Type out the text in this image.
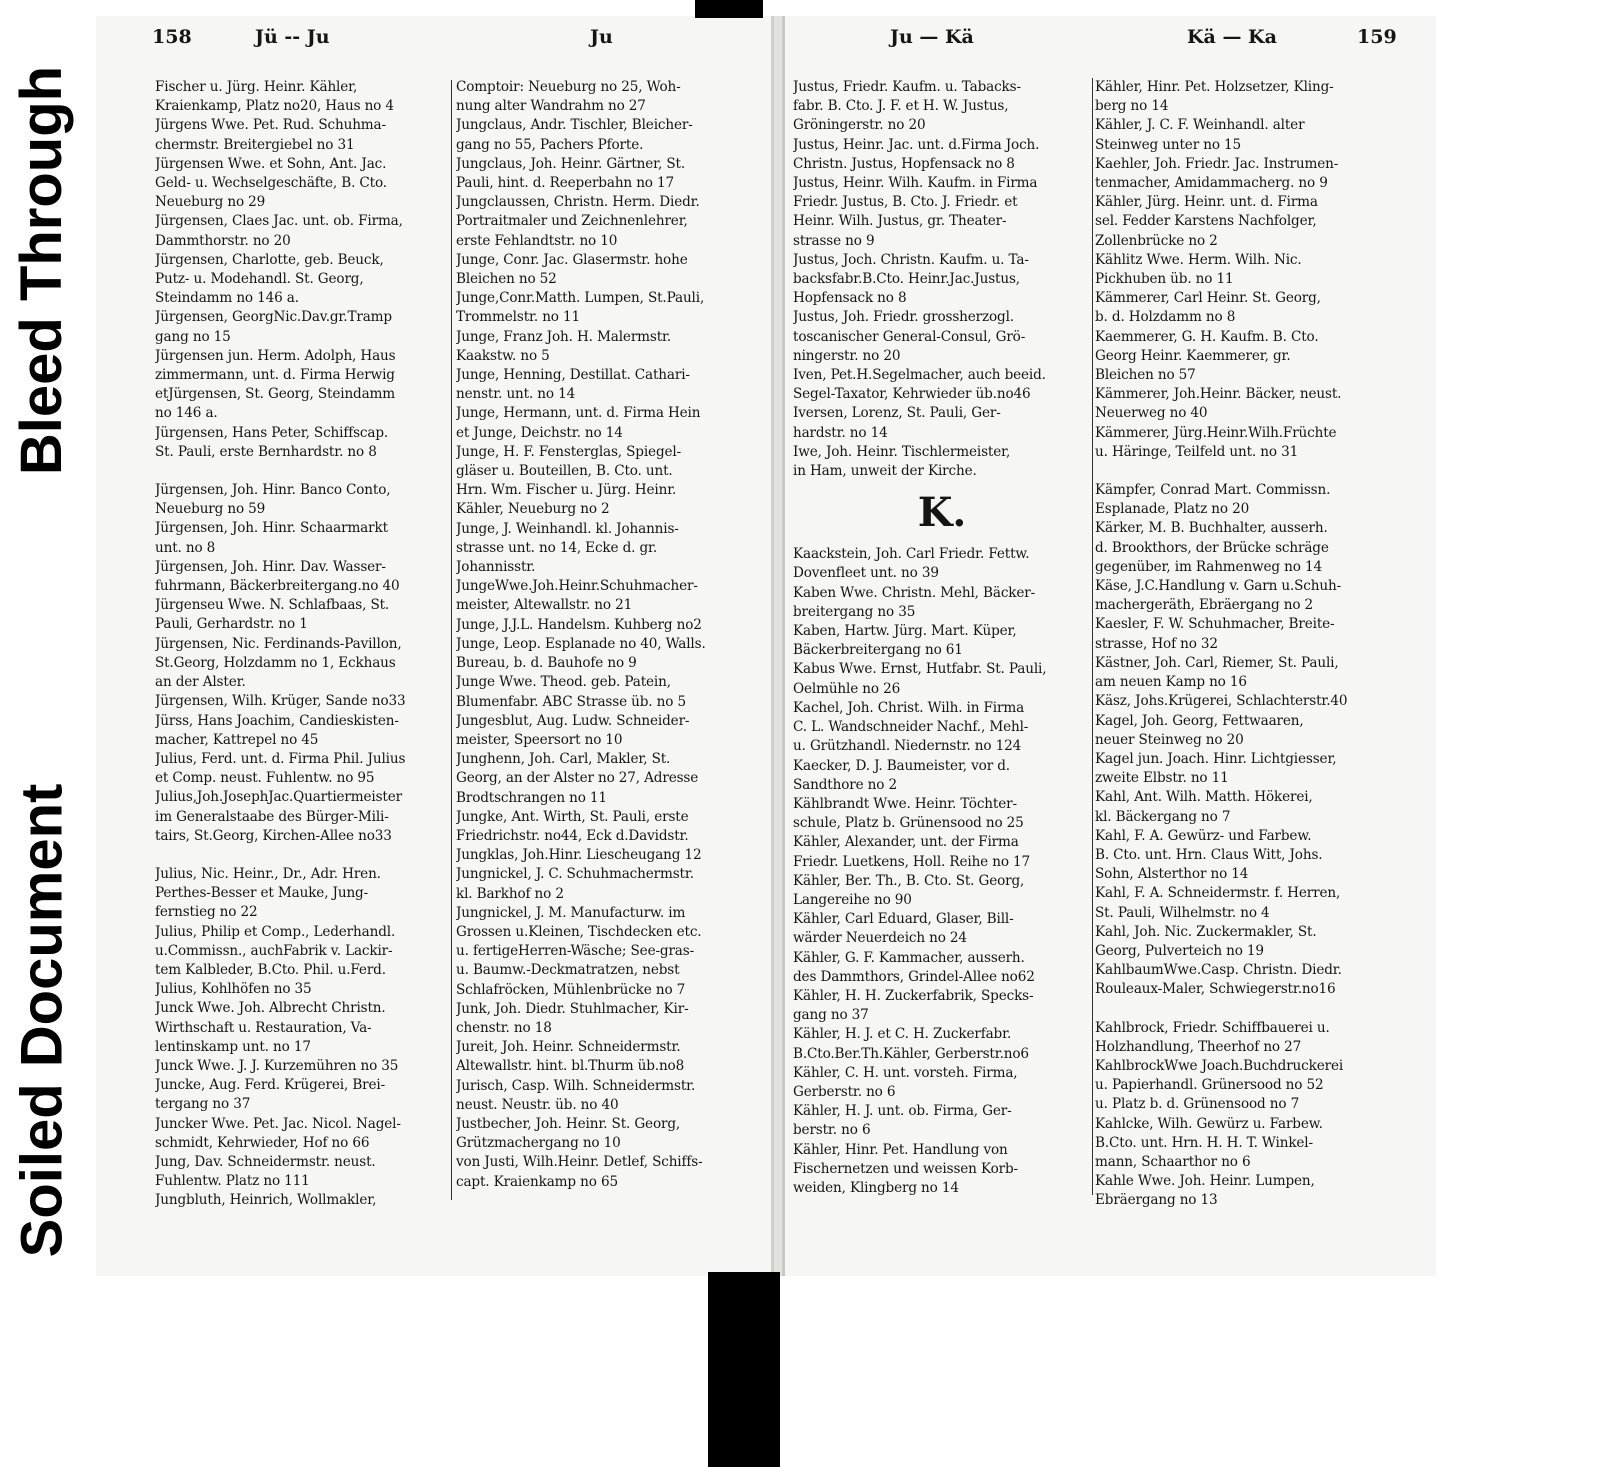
Bleed Through
Soiled Document
158	Jü -- Ju	Ju	Ju — Kä	Kä — Ka	159
Fischer u. Jürg. Heinr. Kähler,
Kraienkamp, Platz no20, Haus no 4
Jürgens Wwe. Pet. Rud. Schuhma-
chermstr. Breitergiebel no 31
Jürgensen Wwe. et Sohn, Ant. Jac.
Geld- u. Wechselgeschäfte, B. Cto.
Neueburg no 29
Jürgensen, Claes Jac. unt. ob. Firma,
Dammthorstr. no 20
Jürgensen, Charlotte, geb. Beuck,
Putz- u. Modehandl. St. Georg,
Steindamm no 146 a.
Jürgensen, GeorgNic.Dav.gr.Tramp
gang no 15
Jürgensen jun. Herm. Adolph, Haus
zimmermann, unt. d. Firma Herwig
etJürgensen, St. Georg, Steindamm
no 146 a.
Jürgensen, Hans Peter, Schiffscap.
St. Pauli, erste Bernhardstr. no 8
Jürgensen, Joh. Hinr. Banco Conto,
Neueburg no 59
Jürgensen, Joh. Hinr. Schaarmarkt
unt. no 8
Jürgensen, Joh. Hinr. Dav. Wasser-
fuhrmann, Bäckerbreitergang.no 40
Jürgenseu Wwe. N. Schlafbaas, St.
Pauli, Gerhardstr. no 1
Jürgensen, Nic. Ferdinands-Pavillon,
St.Georg, Holzdamm no 1, Eckhaus
an der Alster.
Jürgensen, Wilh. Krüger, Sande no33
Jürss, Hans Joachim, Candieskisten-
macher, Kattrepel no 45
Julius, Ferd. unt. d. Firma Phil. Julius
et Comp. neust. Fuhlentw. no 95
Julius,Joh.JosephJac.Quartiermeister
im Generalstaabe des Bürger-Mili-
tairs, St.Georg, Kirchen-Allee no33
Julius, Nic. Heinr., Dr., Adr. Hren.
Perthes-Besser et Mauke, Jung-
fernstieg no 22
Julius, Philip et Comp., Lederhandl.
u.Commissn., auchFabrik v. Lackir-
tem Kalbleder, B.Cto. Phil. u.Ferd.
Julius, Kohlhöfen no 35
Junck Wwe. Joh. Albrecht Christn.
Wirthschaft u. Restauration, Va-
lentinskamp unt. no 17
Junck Wwe. J. J. Kurzemühren no 35
Juncke, Aug. Ferd. Krügerei, Brei-
tergang no 37
Juncker Wwe. Pet. Jac. Nicol. Nagel-
schmidt, Kehrwieder, Hof no 66
Jung, Dav. Schneidermstr. neust.
Fuhlentw. Platz no 111
Jungbluth, Heinrich, Wollmakler,
Comptoir: Neueburg no 25, Woh-
nung alter Wandrahm no 27
Jungclaus, Andr. Tischler, Bleicher-
gang no 55, Pachers Pforte.
Jungclaus, Joh. Heinr. Gärtner, St.
Pauli, hint. d. Reeperbahn no 17
Jungclaussen, Christn. Herm. Diedr.
Portraitmaler und Zeichnenlehrer,
erste Fehlandtstr. no 10
Junge, Conr. Jac. Glasermstr. hohe
Bleichen no 52
Junge,Conr.Matth. Lumpen, St.Pauli,
Trommelstr. no 11
Junge, Franz Joh. H. Malermstr.
Kaakstw. no 5
Junge, Henning, Destillat. Cathari-
nenstr. unt. no 14
Junge, Hermann, unt. d. Firma Hein
et Junge, Deichstr. no 14
Junge, H. F. Fensterglas, Spiegel-
gläser u. Bouteillen, B. Cto. unt.
Hrn. Wm. Fischer u. Jürg. Heinr.
Kähler, Neueburg no 2
Junge, J. Weinhandl. kl. Johannis-
strasse unt. no 14, Ecke d. gr.
Johannisstr.
JungeWwe.Joh.Heinr.Schuhmacher-
meister, Altewallstr. no 21
Junge, J.J.L. Handelsm. Kuhberg no2
Junge, Leop. Esplanade no 40, Walls.
Bureau, b. d. Bauhofe no 9
Junge Wwe. Theod. geb. Patein,
Blumenfabr. ABC Strasse üb. no 5
Jungesblut, Aug. Ludw. Schneider-
meister, Speersort no 10
Junghenn, Joh. Carl, Makler, St.
Georg, an der Alster no 27, Adresse
Brodtschrangen no 11
Jungke, Ant. Wirth, St. Pauli, erste
Friedrichstr. no44, Eck d.Davidstr.
Jungklas, Joh.Hinr. Liescheugang 12
Jungnickel, J. C. Schuhmachermstr.
kl. Barkhof no 2
Jungnickel, J. M. Manufacturw. im
Grossen u.Kleinen, Tischdecken etc.
u. fertigeHerren-Wäsche; See-gras-
u. Baumw.-Deckmatratzen, nebst
Schlafröcken, Mühlenbrücke no 7
Junk, Joh. Diedr. Stuhlmacher, Kir-
chenstr. no 18
Jureit, Joh. Heinr. Schneidermstr.
Altewallstr. hint. bl.Thurm üb.no8
Jurisch, Casp. Wilh. Schneidermstr.
neust. Neustr. üb. no 40
Justbecher, Joh. Heinr. St. Georg,
Grützmachergang no 10
von Justi, Wilh.Heinr. Detlef, Schiffs-
capt. Kraienkamp no 65
Justus, Friedr. Kaufm. u. Tabacks-
fabr. B. Cto. J. F. et H. W. Justus,
Gröningerstr. no 20
Justus, Heinr. Jac. unt. d.Firma Joch.
Christn. Justus, Hopfensack no 8
Justus, Heinr. Wilh. Kaufm. in Firma
Friedr. Justus, B. Cto. J. Friedr. et
Heinr. Wilh. Justus, gr. Theater-
strasse no 9
Justus, Joch. Christn. Kaufm. u. Ta-
backsfabr.B.Cto. Heinr.Jac.Justus,
Hopfensack no 8
Justus, Joh. Friedr. grossherzogl.
toscanischer General-Consul, Grö-
ningerstr. no 20
Iven, Pet.H.Segelmacher, auch beeid.
Segel-Taxator, Kehrwieder üb.no46
Iversen, Lorenz, St. Pauli, Ger-
hardstr. no 14
Iwe, Joh. Heinr. Tischlermeister,
in Ham, unweit der Kirche.
K.
Kaackstein, Joh. Carl Friedr. Fettw.
Dovenfleet unt. no 39
Kaben Wwe. Christn. Mehl, Bäcker-
breitergang no 35
Kaben, Hartw. Jürg. Mart. Küper,
Bäckerbreitergang no 61
Kabus Wwe. Ernst, Hutfabr. St. Pauli,
Oelmühle no 26
Kachel, Joh. Christ. Wilh. in Firma
C. L. Wandschneider Nachf., Mehl-
u. Grützhandl. Niedernstr. no 124
Kaecker, D. J. Baumeister, vor d.
Sandthore no 2
Kählbrandt Wwe. Heinr. Töchter-
schule, Platz b. Grünensood no 25
Kähler, Alexander, unt. der Firma
Friedr. Luetkens, Holl. Reihe no 17
Kähler, Ber. Th., B. Cto. St. Georg,
Langereihe no 90
Kähler, Carl Eduard, Glaser, Bill-
wärder Neuerdeich no 24
Kähler, G. F. Kammacher, ausserh.
des Dammthors, Grindel-Allee no62
Kähler, H. H. Zuckerfabrik, Specks-
gang no 37
Kähler, H. J. et C. H. Zuckerfabr.
B.Cto.Ber.Th.Kähler, Gerberstr.no6
Kähler, C. H. unt. vorsteh. Firma,
Gerberstr. no 6
Kähler, H. J. unt. ob. Firma, Ger-
berstr. no 6
Kähler, Hinr. Pet. Handlung von
Fischernetzen und weissen Korb-
weiden, Klingberg no 14
Kähler, Hinr. Pet. Holzsetzer, Kling-
berg no 14
Kähler, J. C. F. Weinhandl. alter
Steinweg unter no 15
Kaehler, Joh. Friedr. Jac. Instrumen-
tenmacher, Amidammacherg. no 9
Kähler, Jürg. Heinr. unt. d. Firma
sel. Fedder Karstens Nachfolger,
Zollenbrücke no 2
Kählitz Wwe. Herm. Wilh. Nic.
Pickhuben üb. no 11
Kämmerer, Carl Heinr. St. Georg,
b. d. Holzdamm no 8
Kaemmerer, G. H. Kaufm. B. Cto.
Georg Heinr. Kaemmerer, gr.
Bleichen no 57
Kämmerer, Joh.Heinr. Bäcker, neust.
Neuerweg no 40
Kämmerer, Jürg.Heinr.Wilh.Früchte
u. Häringe, Teilfeld unt. no 31
Kämpfer, Conrad Mart. Commissn.
Esplanade, Platz no 20
Kärker, M. B. Buchhalter, ausserh.
d. Brookthors, der Brücke schräge
gegenüber, im Rahmenweg no 14
Käse, J.C.Handlung v. Garn u.Schuh-
machergeräth, Ebräergang no 2
Kaesler, F. W. Schuhmacher, Breite-
strasse, Hof no 32
Kästner, Joh. Carl, Riemer, St. Pauli,
am neuen Kamp no 16
Käsz, Johs.Krügerei, Schlachterstr.40
Kagel, Joh. Georg, Fettwaaren,
neuer Steinweg no 20
Kagel jun. Joach. Hinr. Lichtgiesser,
zweite Elbstr. no 11
Kahl, Ant. Wilh. Matth. Hökerei,
kl. Bäckergang no 7
Kahl, F. A. Gewürz- und Farbew.
B. Cto. unt. Hrn. Claus Witt, Johs.
Sohn, Alsterthor no 14
Kahl, F. A. Schneidermstr. f. Herren,
St. Pauli, Wilhelmstr. no 4
Kahl, Joh. Nic. Zuckermakler, St.
Georg, Pulverteich no 19
KahlbaumWwe.Casp. Christn. Diedr.
Rouleaux-Maler, Schwiegerstr.no16
Kahlbrock, Friedr. Schiffbauerei u.
Holzhandlung, Theerhof no 27
KahlbrockWwe Joach.Buchdruckerei
u. Papierhandl. Grünersood no 52
u. Platz b. d. Grünensood no 7
Kahlcke, Wilh. Gewürz u. Farbew.
B.Cto. unt. Hrn. H. H. T. Winkel-
mann, Schaarthor no 6
Kahle Wwe. Joh. Heinr. Lumpen,
Ebräergang no 13
